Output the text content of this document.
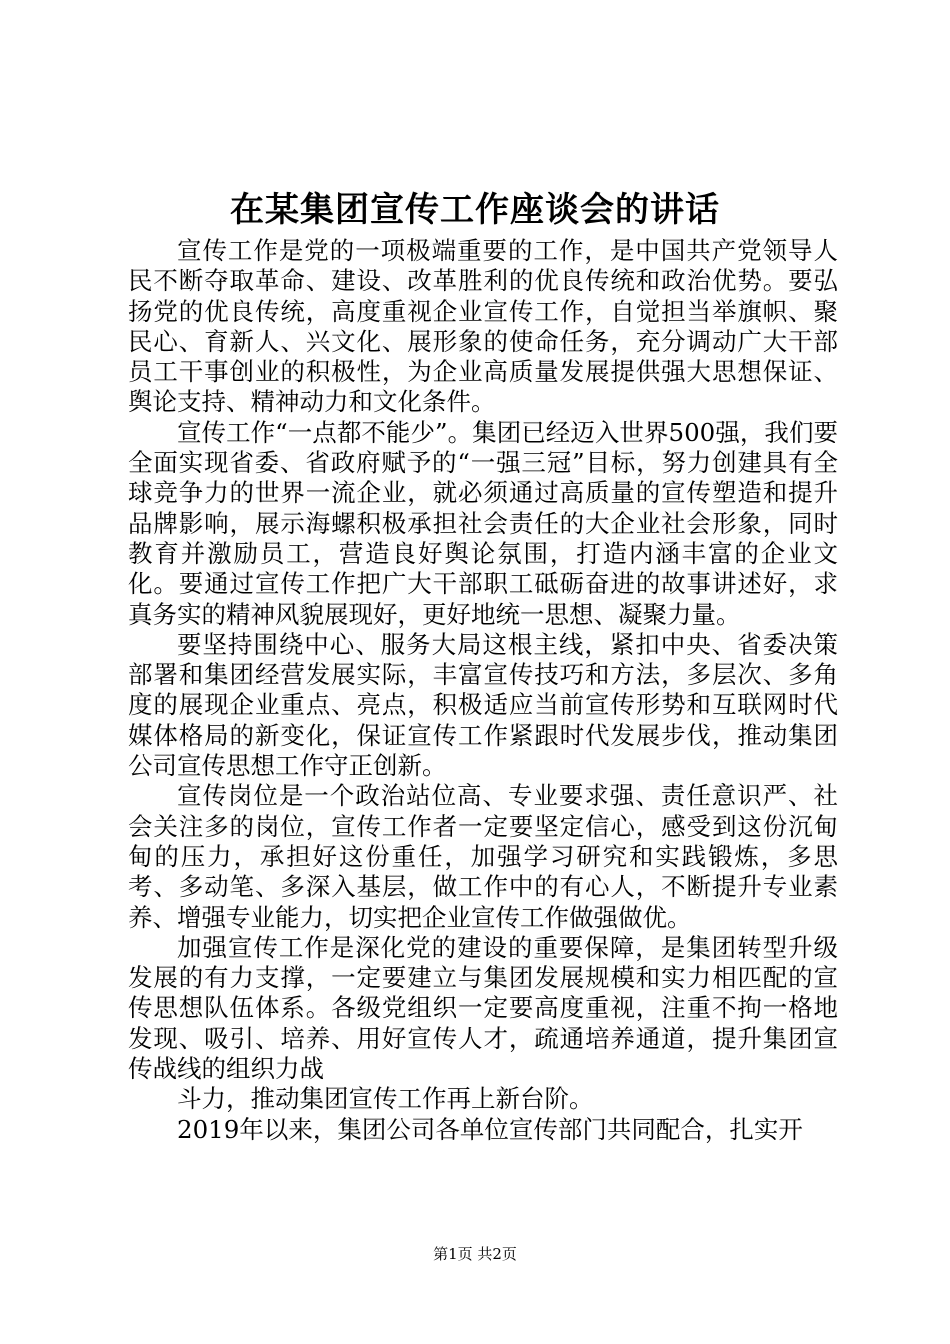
在某集团宣传工作座谈会的讲话

宣传工作是党的一项极端重要的工作，是中国共产党领导人民不断夺取革命、建设、改革胜利的优良传统和政治优势。要弘扬党的优良传统，高度重视企业宣传工作，自觉担当举旗帜、聚民心、育新人、兴文化、展形象的使命任务，充分调动广大干部员工干事创业的积极性，为企业高质量发展提供强大思想保证、舆论支持、精神动力和文化条件。

宣传工作“一点都不能少”。集团已经迈入世界500强，我们要全面实现省委、省政府赋予的“一强三冠”目标，努力创建具有全球竞争力的世界一流企业，就必须通过高质量的宣传塑造和提升品牌影响，展示海螺积极承担社会责任的大企业社会形象，同时教育并激励员工，营造良好舆论氛围，打造内涵丰富的企业文化。要通过宣传工作把广大干部职工砥砺奋进的故事讲述好，求真务实的精神风貌展现好，更好地统一思想、凝聚力量。

要坚持围绕中心、服务大局这根主线，紧扣中央、省委决策部署和集团经营发展实际，丰富宣传技巧和方法，多层次、多角度的展现企业重点、亮点，积极适应当前宣传形势和互联网时代媒体格局的新变化，保证宣传工作紧跟时代发展步伐，推动集团公司宣传思想工作守正创新。

宣传岗位是一个政治站位高、专业要求强、责任意识严、社会关注多的岗位，宣传工作者一定要坚定信心，感受到这份沉甸甸的压力，承担好这份重任，加强学习研究和实践锻炼，多思考、多动笔、多深入基层，做工作中的有心人，不断提升专业素养、增强专业能力，切实把企业宣传工作做强做优。

加强宣传工作是深化党的建设的重要保障，是集团转型升级发展的有力支撑，一定要建立与集团发展规模和实力相匹配的宣传思想队伍体系。各级党组织一定要高度重视，注重不拘一格地发现、吸引、培养、用好宣传人才，疏通培养通道，提升集团宣传战线的组织力战

斗力，推动集团宣传工作再上新台阶。

2019年以来，集团公司各单位宣传部门共同配合，扎实开

第1页 共2页
